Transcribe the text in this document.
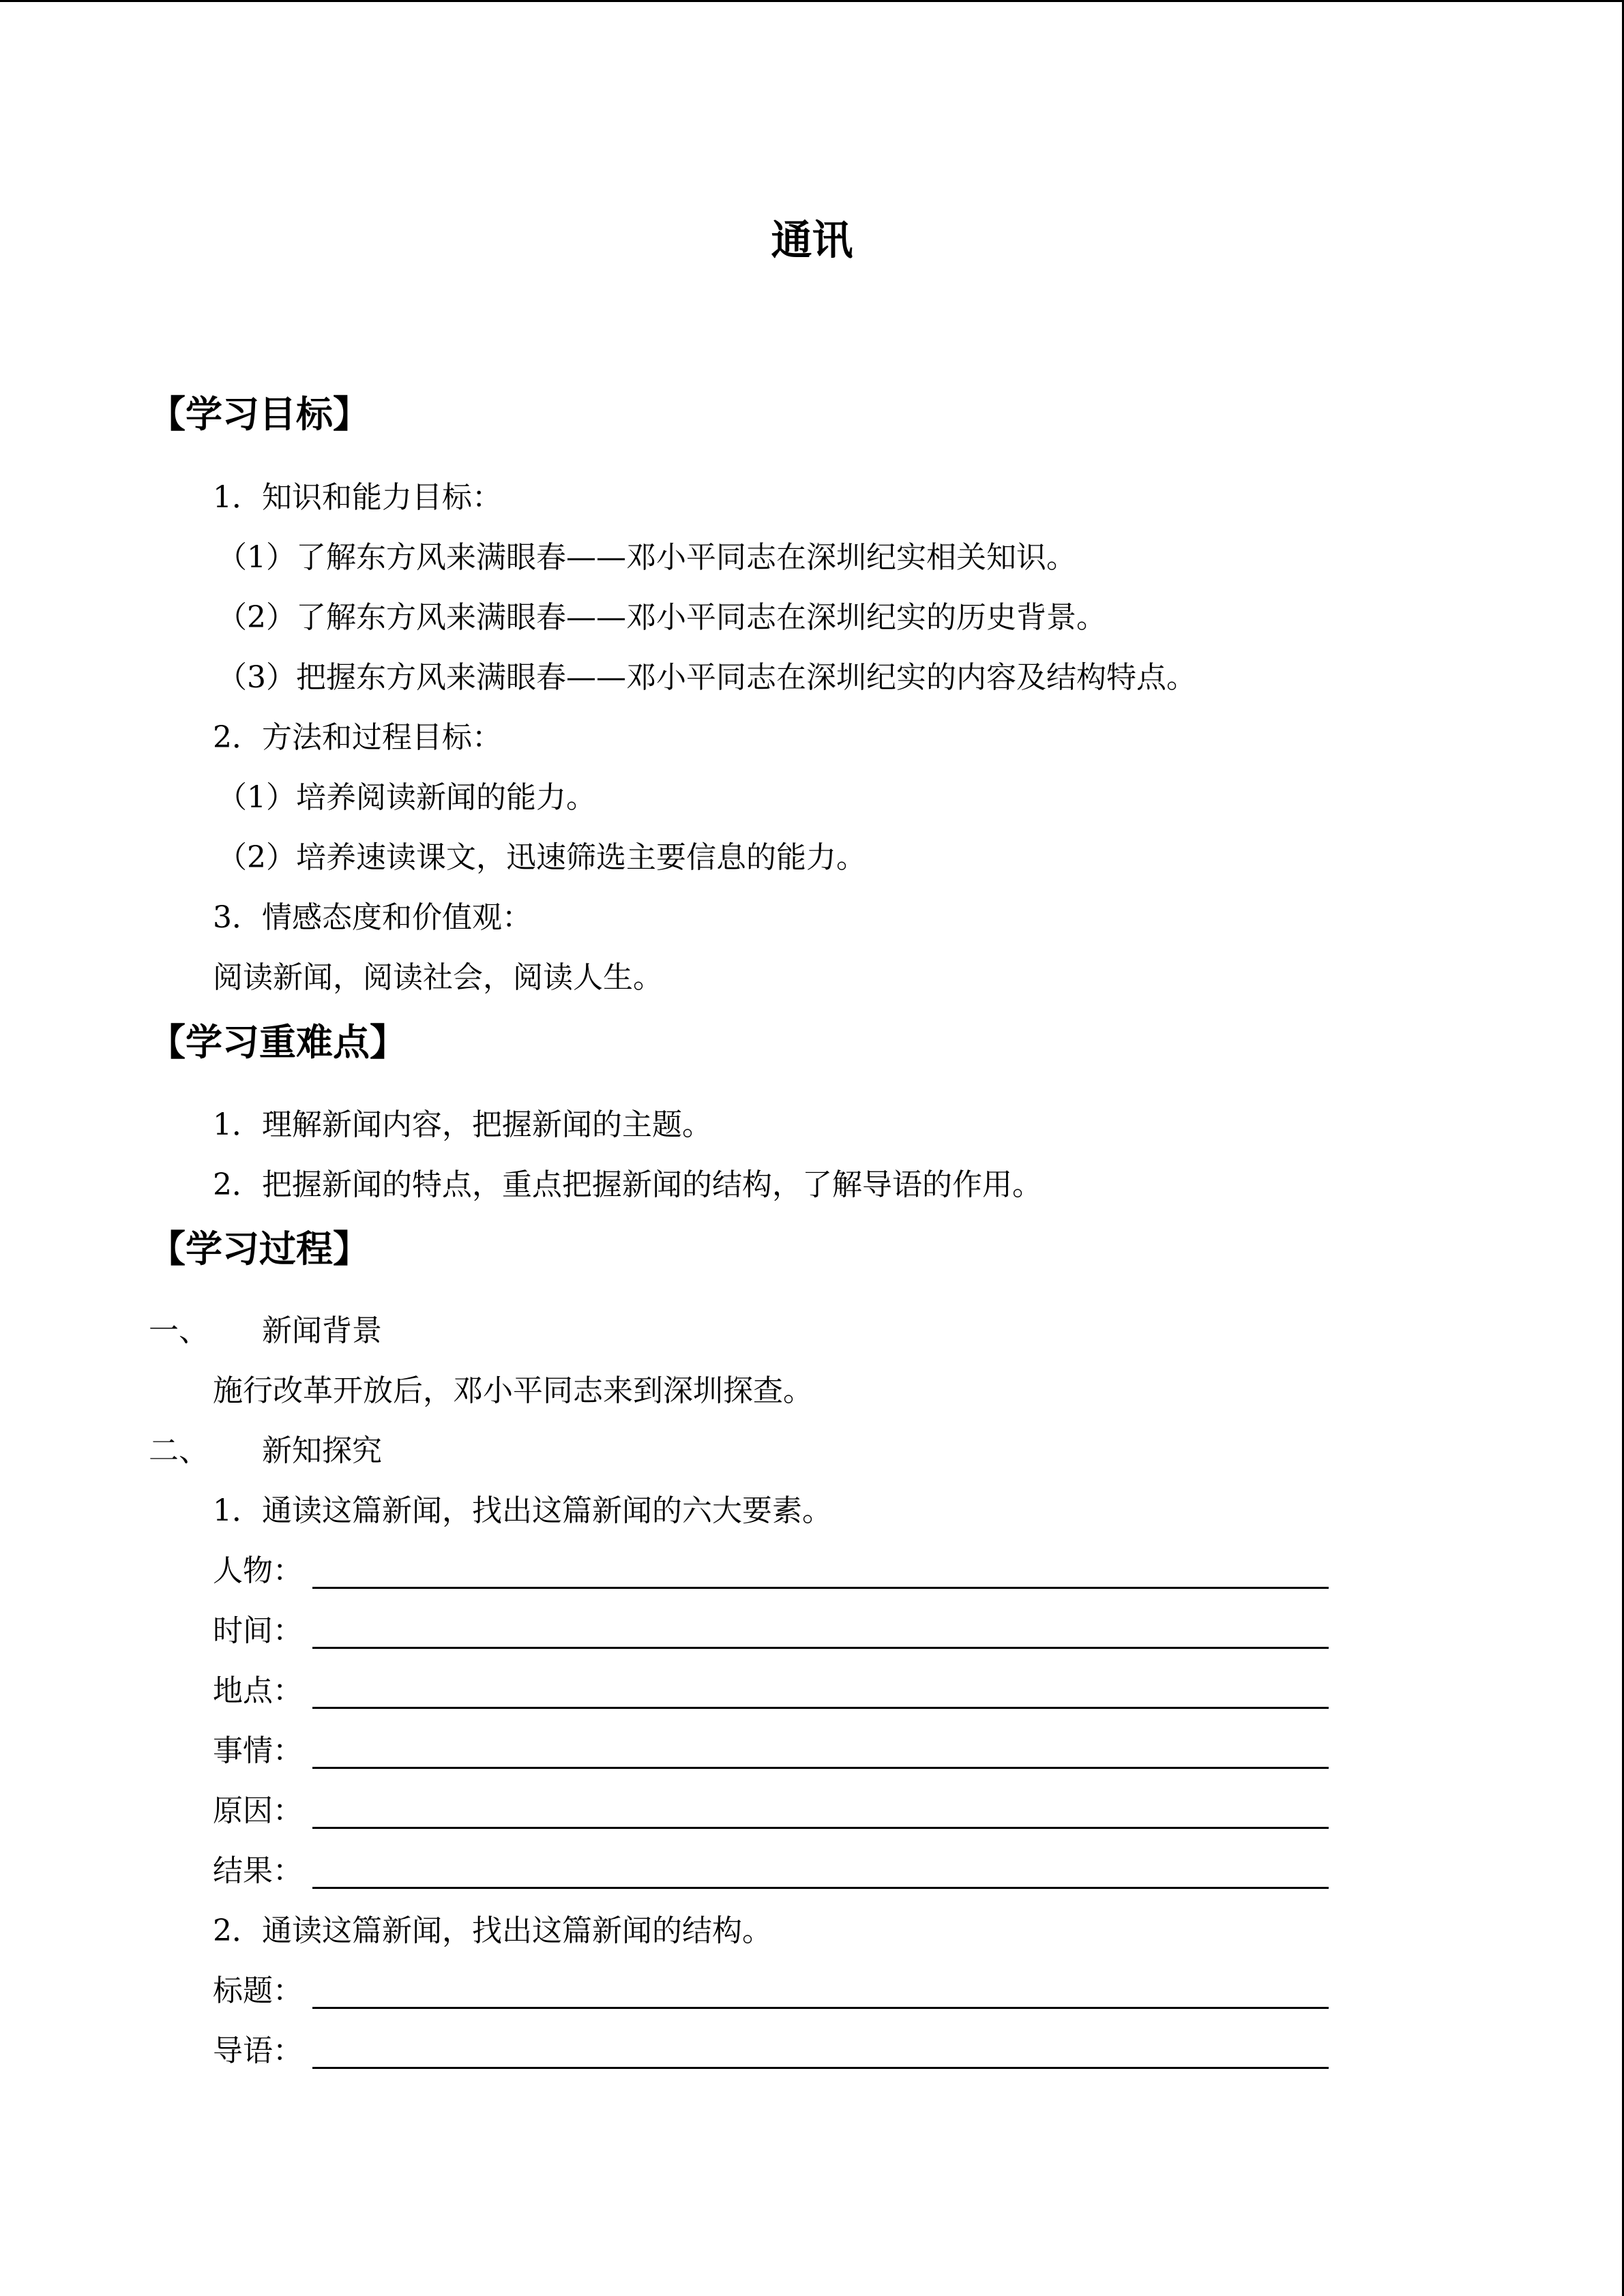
通讯
【学习目标】
1．知识和能力目标：
（1）了解东方风来满眼春——邓小平同志在深圳纪实相关知识。
（2）了解东方风来满眼春——邓小平同志在深圳纪实的历史背景。
（3）把握东方风来满眼春——邓小平同志在深圳纪实的内容及结构特点。
2．方法和过程目标：
（1）培养阅读新闻的能力。
（2）培养速读课文，迅速筛选主要信息的能力。
3．情感态度和价值观：
阅读新闻，阅读社会，阅读人生。
【学习重难点】
1．理解新闻内容，把握新闻的主题。
2．把握新闻的特点，重点把握新闻的结构，了解导语的作用。
【学习过程】
一、 新闻背景
施行改革开放后，邓小平同志来到深圳探查。
二、 新知探究
1．通读这篇新闻，找出这篇新闻的六大要素。
人物：
时间：
地点：
事情：
原因：
结果：
2．通读这篇新闻，找出这篇新闻的结构。
标题：
导语：
